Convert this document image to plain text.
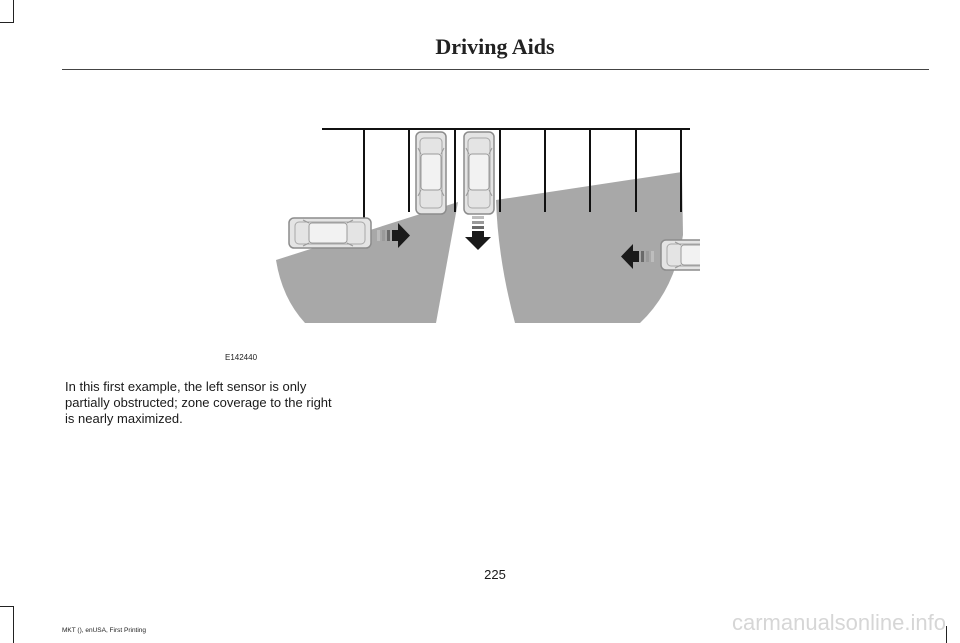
Driving Aids
E142440

In this first example, the left sensor is only partially obstructed; zone coverage to the right is nearly maximized.

225
MKT (), enUSA, First Printing	carmanualsonline.info
